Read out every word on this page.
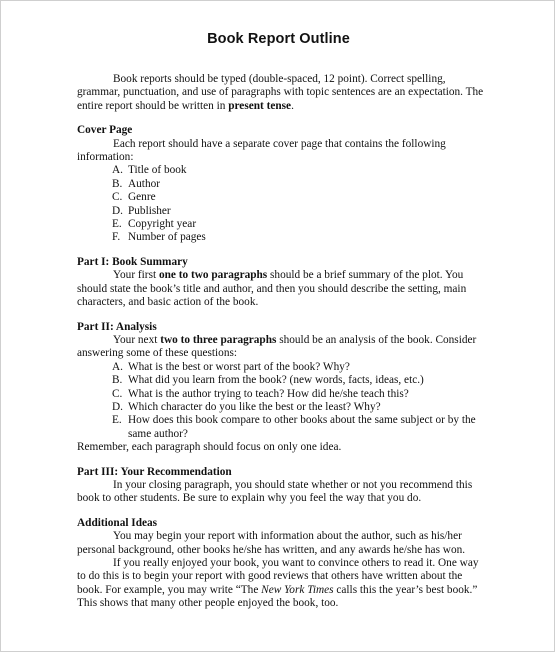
Book Report Outline

Book reports should be typed (double-spaced, 12 point). Correct spelling, grammar, punctuation, and use of paragraphs with topic sentences are an expectation. The entire report should be written in present tense.

Cover Page

Each report should have a separate cover page that contains the following information:

A. Title of book
B. Author
C. Genre
D. Publisher
E. Copyright year
F. Number of pages
Part I: Book Summary

Your first one to two paragraphs should be a brief summary of the plot. You should state the book’s title and author, and then you should describe the setting, main characters, and basic action of the book.

Part II: Analysis

Your next two to three paragraphs should be an analysis of the book. Consider answering some of these questions:

A. What is the best or worst part of the book? Why?
B. What did you learn from the book? (new words, facts, ideas, etc.)
C. What is the author trying to teach? How did he/she teach this?
D. Which character do you like the best or the least? Why?
E. How does this book compare to other books about the same subject or by the same author?
Remember, each paragraph should focus on only one idea.
Part III: Your Recommendation

In your closing paragraph, you should state whether or not you recommend this book to other students. Be sure to explain why you feel the way that you do.

Additional Ideas

You may begin your report with information about the author, such as his/her personal background, other books he/she has written, and any awards he/she has won.

If you really enjoyed your book, you want to convince others to read it. One way to do this is to begin your report with good reviews that others have written about the book. For example, you may write “The New York Times calls this the year’s best book.” This shows that many other people enjoyed the book, too.
